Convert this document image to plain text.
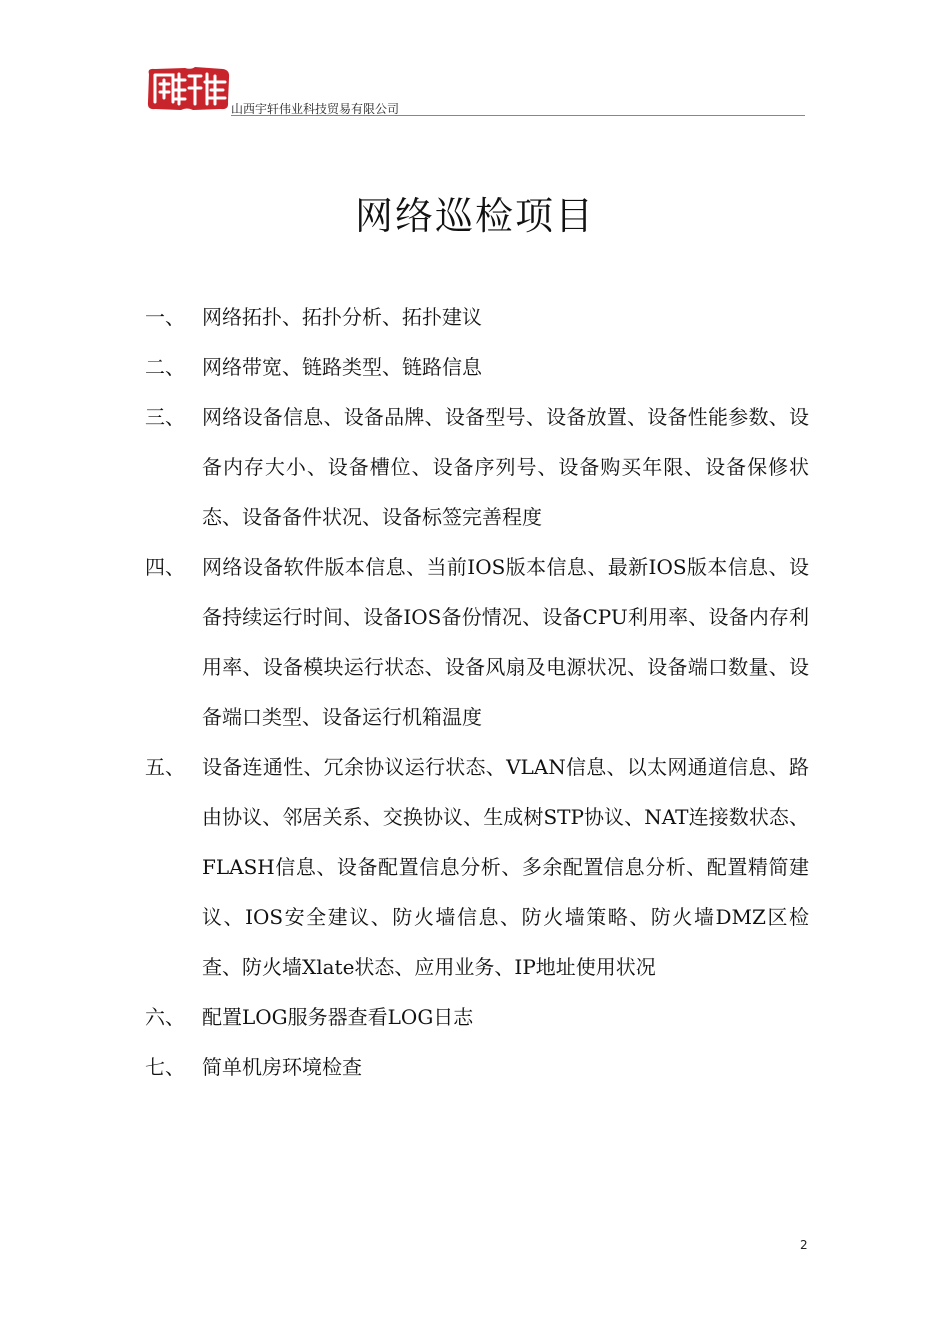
山西宇轩伟业科技贸易有限公司
网络巡检项目
一、 网络拓扑、拓扑分析、拓扑建议
二、 网络带宽、链路类型、链路信息
三、 网络设备信息、设备品牌、设备型号、设备放置、设备性能参数、设备内存大小、设备槽位、设备序列号、设备购买年限、设备保修状态、设备备件状况、设备标签完善程度
四、 网络设备软件版本信息、当前IOS版本信息、最新IOS版本信息、设备持续运行时间、设备IOS备份情况、设备CPU利用率、设备内存利用率、设备模块运行状态、设备风扇及电源状况、设备端口数量、设备端口类型、设备运行机箱温度
五、 设备连通性、冗余协议运行状态、VLAN信息、以太网通道信息、路由协议、邻居关系、交换协议、生成树STP协议、NAT连接数状态、FLASH信息、设备配置信息分析、多余配置信息分析、配置精简建议、IOS安全建议、防火墙信息、防火墙策略、防火墙DMZ区检查、防火墙Xlate状态、应用业务、IP地址使用状况
六、 配置LOG服务器查看LOG日志
七、 简单机房环境检查
2
